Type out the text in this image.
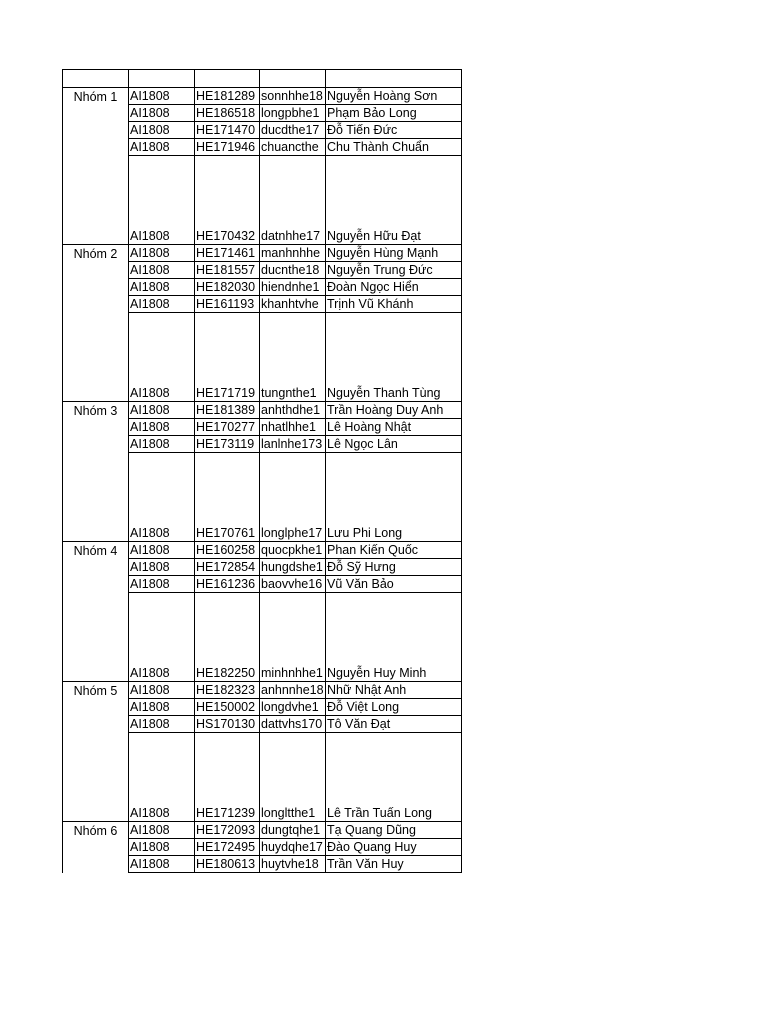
Nhóm 1	AI1808	HE181289	sonnhhe18	Nguyễn Hoàng Sơn
	AI1808	HE186518	longpbhe1	Phạm Bảo Long
	AI1808	HE171470	ducdthe17	Đỗ Tiến Đức
	AI1808	HE171946	chuancthe	Chu Thành Chuẩn
	AI1808	HE170432	datnhhe17	Nguyễn Hữu Đạt
Nhóm 2	AI1808	HE171461	manhnhhe	Nguyễn Hùng Mạnh
	AI1808	HE181557	ducnthe18	Nguyễn Trung Đức
	AI1808	HE182030	hiendnhe1	Đoàn Ngọc Hiển
	AI1808	HE161193	khanhtvhe	Trịnh Vũ Khánh
	AI1808	HE171719	tungnthe1	Nguyễn Thanh Tùng
Nhóm 3	AI1808	HE181389	anhthdhe1	Trần Hoàng Duy Anh
	AI1808	HE170277	nhatlhhe1	Lê Hoàng Nhật
	AI1808	HE173119	lanlnhe173	Lê Ngọc Lân
	AI1808	HE170761	longlphe17	Lưu Phi Long
Nhóm 4	AI1808	HE160258	quocpkhe1	Phan Kiến Quốc
	AI1808	HE172854	hungdshe1	Đỗ Sỹ Hưng
	AI1808	HE161236	baovvhe16	Vũ Văn Bảo
	AI1808	HE182250	minhnhhe1	Nguyễn Huy Minh
Nhóm 5	AI1808	HE182323	anhnnhe18	Nhữ Nhật Anh
	AI1808	HE150002	longdvhe1	Đỗ Việt Long
	AI1808	HS170130	dattvhs170	Tô Văn Đạt
	AI1808	HE171239	longltthe1	Lê Trần Tuấn Long
Nhóm 6	AI1808	HE172093	dungtqhe1	Tạ Quang Dũng
	AI1808	HE172495	huydqhe17	Đào Quang Huy
	AI1808	HE180613	huytvhe18	Trần Văn Huy
